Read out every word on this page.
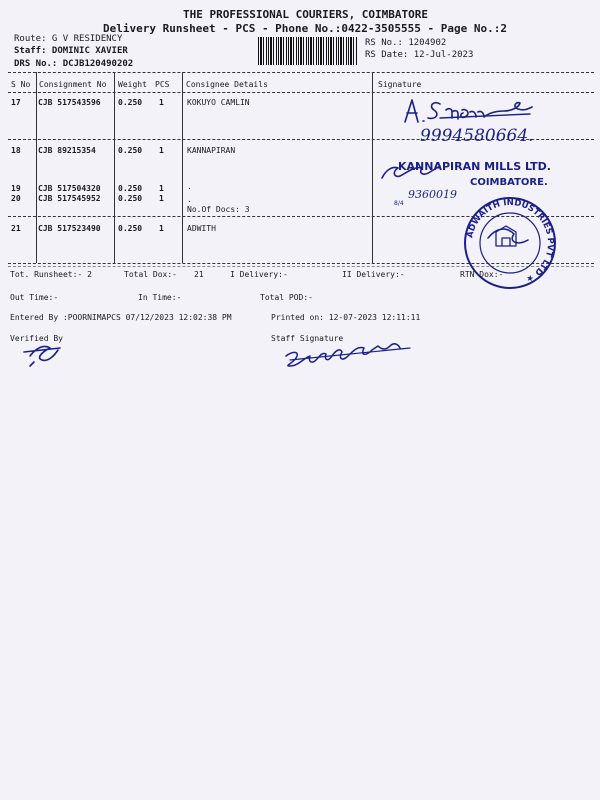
THE PROFESSIONAL COURIERS, COIMBATORE
Delivery Runsheet - PCS - Phone No.:0422-3505555 - Page No.:2
Route: G V RESIDENCY
Staff: DOMINIC XAVIER
DRS No.: DCJB120490202
RS No.: 1204902
RS Date: 12-Jul-2023
S No Consignment No Weight PCS Consignee Details	Signature
17 CJB 517543596 0.250 1	KOKUYO CAMLIN
18 CJB 89215354	0.250 1	KANNAPIRAN
19 CJB 517504320 0.250 1	.
20 CJB 517545952 0.250 1	.
No.Of Docs: 3
21 CJB 517523490 0.250 1	ADWITH
9994580664.
KANNAPIRAN MILLS LTD.
COIMBATORE.
9360019
8/4
ADWAITH INDUSTRIES PVT LTD ★
Tot. Runsheet:- 2	Total Dox:- 21	I Delivery:-	II Delivery:-	RTN Dox:-
Out Time:-	In Time:-	Total POD:-
Entered By :POORNIMAPCS 07/12/2023 12:02:38 PM	Printed on: 12-07-2023 12:11:11
Verified By	Staff Signature
